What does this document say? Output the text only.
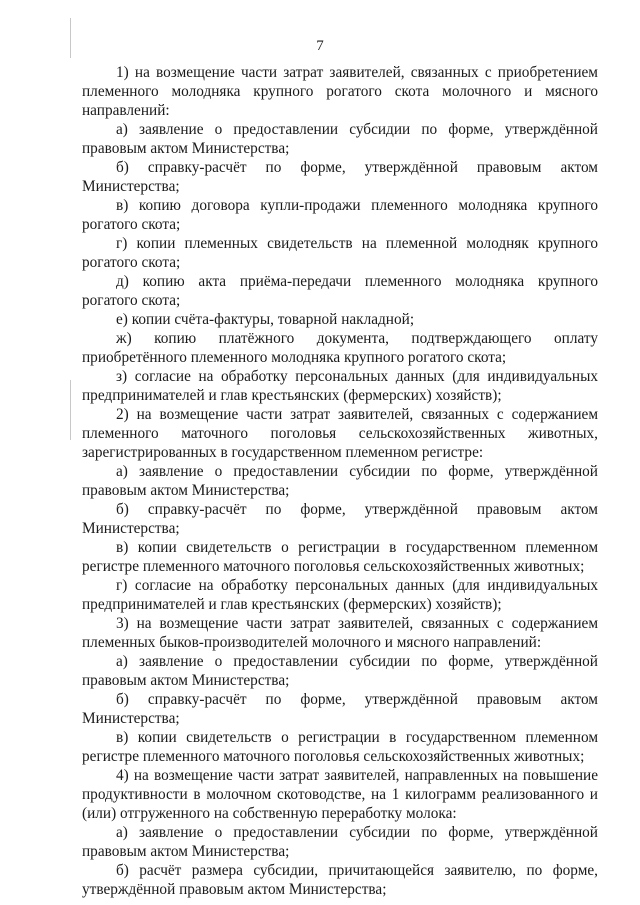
7

1) на возмещение части затрат заявителей, связанных с приобретением племенного молодняка крупного рогатого скота молочного и мясного направлений:

а) заявление о предоставлении субсидии по форме, утверждённой правовым актом Министерства;

б) справку-расчёт по форме, утверждённой правовым актом Министерства;

в) копию договора купли-продажи племенного молодняка крупного рогатого скота;

г) копии племенных свидетельств на племенной молодняк крупного рогатого скота;

д) копию акта приёма-передачи племенного молодняка крупного рогатого скота;

е) копии счёта-фактуры, товарной накладной;

ж) копию платёжного документа, подтверждающего оплату приобретённого племенного молодняка крупного рогатого скота;

з) согласие на обработку персональных данных (для индивидуальных предпринимателей и глав крестьянских (фермерских) хозяйств);

2) на возмещение части затрат заявителей, связанных с содержанием племенного маточного поголовья сельскохозяйственных животных, зарегистрированных в государственном племенном регистре:

а) заявление о предоставлении субсидии по форме, утверждённой правовым актом Министерства;

б) справку-расчёт по форме, утверждённой правовым актом Министерства;

в) копии свидетельств о регистрации в государственном племенном регистре племенного маточного поголовья сельскохозяйственных животных;

г) согласие на обработку персональных данных (для индивидуальных предпринимателей и глав крестьянских (фермерских) хозяйств);

3) на возмещение части затрат заявителей, связанных с содержанием племенных быков-производителей молочного и мясного направлений:

а) заявление о предоставлении субсидии по форме, утверждённой правовым актом Министерства;

б) справку-расчёт по форме, утверждённой правовым актом Министерства;

в) копии свидетельств о регистрации в государственном племенном регистре племенного маточного поголовья сельскохозяйственных животных;

4) на возмещение части затрат заявителей, направленных на повышение продуктивности в молочном скотоводстве, на 1 килограмм реализованного и (или) отгруженного на собственную переработку молока:

а) заявление о предоставлении субсидии по форме, утверждённой правовым актом Министерства;

б) расчёт размера субсидии, причитающейся заявителю, по форме, утверждённой правовым актом Министерства;
